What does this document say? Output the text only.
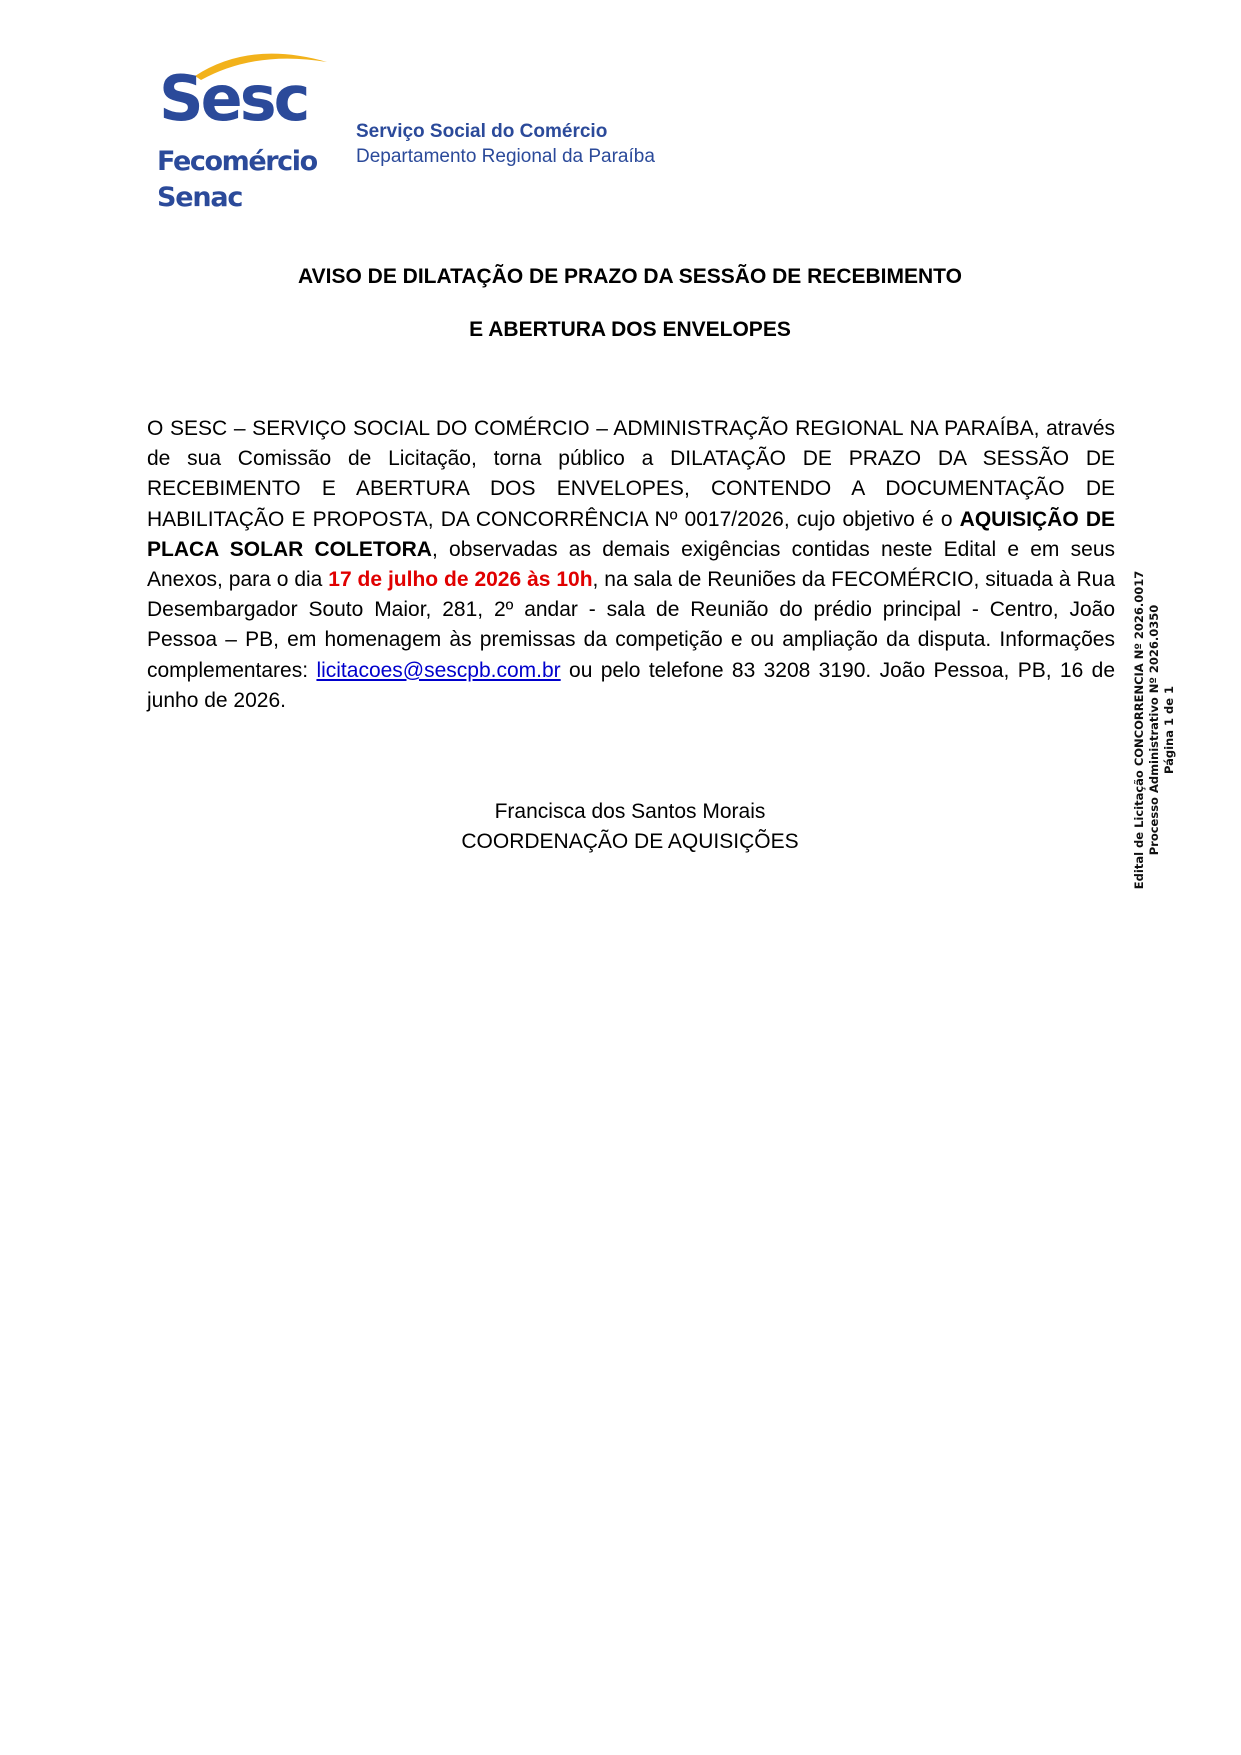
Sesc
Fecomércio
Senac
Serviço Social do Comércio
Departamento Regional da Paraíba
AVISO DE DILATAÇÃO DE PRAZO DA SESSÃO DE RECEBIMENTO
E ABERTURA DOS ENVELOPES
O SESC – SERVIÇO SOCIAL DO COMÉRCIO – ADMINISTRAÇÃO REGIONAL NA PARAÍBA, através de sua Comissão de Licitação, torna público a DILATAÇÃO DE PRAZO DA SESSÃO DE RECEBIMENTO E ABERTURA DOS ENVELOPES, CONTENDO A DOCUMENTAÇÃO DE HABILITAÇÃO E PROPOSTA, DA CONCORRÊNCIA Nº 0017/2026, cujo objetivo é o AQUISIÇÃO DE PLACA SOLAR COLETORA, observadas as demais exigências contidas neste Edital e em seus Anexos, para o dia 17 de julho de 2026 às 10h, na sala de Reuniões da FECOMÉRCIO, situada à Rua Desembargador Souto Maior, 281, 2º andar - sala de Reunião do prédio principal - Centro, João Pessoa – PB, em homenagem às premissas da competição e ou ampliação da disputa. Informações complementares: licitacoes@sescpb.com.br ou pelo telefone 83 3208 3190. João Pessoa, PB, 16 de junho de 2026.
Francisca dos Santos Morais
COORDENAÇÃO DE AQUISIÇÕES	Edital de Licitação CONCORRENCIA Nº 2026.0017 Processo Administrativo Nº 2026.0350 Página 1 de 1
